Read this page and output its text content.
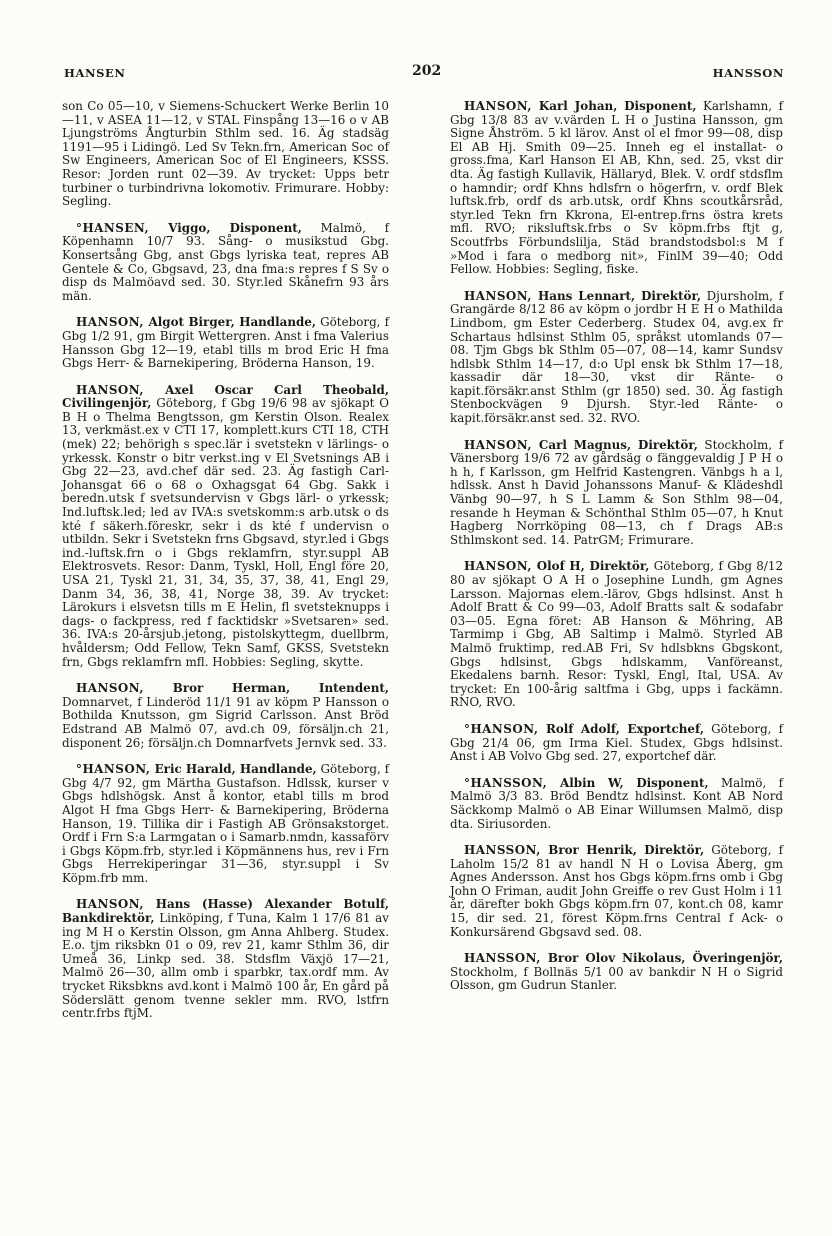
HANSEN	202	HANSSON

son Co 05—10, v Siemens-Schuckert Werke Berlin 10—11, v ASEA 11—12, v STAL Finspång 13—16 o v AB Ljungströms Ångturbin Sthlm sed. 16. Äg stadsäg 1191—95 i Lidingö. Led Sv Tekn.frn, American Soc of Sw Engineers, American Soc of El Engineers, KSSS. Resor: Jorden runt 02—39. Av trycket: Upps betr turbiner o turbindrivna lokomotiv. Frimurare. Hobby: Segling.

°HANSEN, Viggo, Disponent, Malmö, f Köpenhamn 10/7 93. Sång- o musikstud Gbg. Konsertsång Gbg, anst Gbgs lyriska teat, repres AB Gentele & Co, Gbgsavd, 23, dna fma:s repres f S Sv o disp ds Malmöavd sed. 30. Styr.led Skånefrn 93 års män.

HANSON, Algot Birger, Handlande, Göteborg, f Gbg 1/2 91, gm Birgit Wettergren. Anst i fma Valerius Hansson Gbg 12—19, etabl tills m brod Eric H fma Gbgs Herr- & Barnekipering, Bröderna Hanson, 19.

HANSON, Axel Oscar Carl Theobald, Civilingenjör, Göteborg, f Gbg 19/6 98 av sjökapt O B H o Thelma Bengtsson, gm Kerstin Olson. Realex 13, verkmäst.ex v CTI 17, komplett.kurs CTI 18, CTH (mek) 22; behörigh s spec.lär i svetstekn v lärlings- o yrkessk. Konstr o bitr verkst.ing v El Svetsnings AB i Gbg 22—23, avd.chef där sed. 23. Äg fastigh Carl-Johansgat 66 o 68 o Oxhagsgat 64 Gbg. Sakk i beredn.utsk f svetsundervisn v Gbgs lärl- o yrkessk; Ind.luftsk.led; led av IVA:s svetskomm:s arb.utsk o ds kté f säkerh.föreskr, sekr i ds kté f undervisn o utbildn. Sekr i Svetstekn frns Gbgsavd, styr.led i Gbgs ind.-luftsk.frn o i Gbgs reklamfrn, styr.suppl AB Elektrosvets. Resor: Danm, Tyskl, Holl, Engl före 20, USA 21, Tyskl 21, 31, 34, 35, 37, 38, 41, Engl 29, Danm 34, 36, 38, 41, Norge 38, 39. Av trycket: Lärokurs i elsvetsn tills m E Helin, fl svetsteknupps i dags- o fackpress, red f facktidskr »Svetsaren» sed. 36. IVA:s 20-årsjub.jetong, pistolskyttegm, duellbrm, hvåldersm; Odd Fellow, Tekn Samf, GKSS, Svetstekn frn, Gbgs reklamfrn mfl. Hobbies: Segling, skytte.

HANSON, Bror Herman, Intendent, Domnarvet, f Linderöd 11/1 91 av köpm P Hansson o Bothilda Knutsson, gm Sigrid Carlsson. Anst Bröd Edstrand AB Malmö 07, avd.ch 09, försäljn.ch 21, disponent 26; försäljn.ch Domnarfvets Jernvk sed. 33.

°HANSON, Eric Harald, Handlande, Göteborg, f Gbg 4/7 92, gm Märtha Gustafson. Hdlssk, kurser v Gbgs hdlshögsk. Anst å kontor, etabl tills m brod Algot H fma Gbgs Herr- & Barnekipering, Bröderna Hanson, 19. Tillika dir i Fastigh AB Grönsakstorget. Ordf i Frn S:a Larmgatan o i Samarb.nmdn, kassaförv i Gbgs Köpm.frb, styr.led i Köpmännens hus, rev i Frn Gbgs Herrekiperingar 31—36, styr.suppl i Sv Köpm.frb mm.

HANSON, Hans (Hasse) Alexander Botulf, Bankdirektör, Linköping, f Tuna, Kalm 1 17/6 81 av ing M H o Kerstin Olsson, gm Anna Ahlberg. Studex. E.o. tjm riksbkn 01 o 09, rev 21, kamr Sthlm 36, dir Umeå 36, Linkp sed. 38. Stdsflm Växjö 17—21, Malmö 26—30, allm omb i sparbkr, tax.ordf mm. Av trycket Riksbkns avd.kont i Malmö 100 år, En gård på Söderslätt genom tvenne sekler mm. RVO, lstfrn centr.frbs ftjM.

HANSON, Karl Johan, Disponent, Karlshamn, f Gbg 13/8 83 av v.värden L H o Justina Hansson, gm Signe Åhström. 5 kl lärov. Anst ol el fmor 99—08, disp El AB Hj. Smith 09—25. Inneh eg el installat- o gross.fma, Karl Hanson El AB, Khn, sed. 25, vkst dir dta. Äg fastigh Kullavik, Hällaryd, Blek. V. ordf stdsflm o hamndir; ordf Khns hdlsfrn o högerfrn, v. ordf Blek luftsk.frb, ordf ds arb.utsk, ordf Khns scoutkårsråd, styr.led Tekn frn Kkrona, El-entrep.frns östra krets mfl. RVO; riksluftsk.frbs o Sv köpm.frbs ftjt g, Scoutfrbs Förbundslilja, Städ brandstodsbol:s M f »Mod i fara o medborg nit», FinlM 39—40; Odd Fellow. Hobbies: Segling, fiske.

HANSON, Hans Lennart, Direktör, Djursholm, f Grangärde 8/12 86 av köpm o jordbr H E H o Mathilda Lindbom, gm Ester Cederberg. Studex 04, avg.ex fr Schartaus hdlsinst Sthlm 05, språkst utomlands 07—08. Tjm Gbgs bk Sthlm 05—07, 08—14, kamr Sundsv hdlsbk Sthlm 14—17, d:o Upl ensk bk Sthlm 17—18, kassadir där 18—30, vkst dir Ränte- o kapit.försäkr.anst Sthlm (gr 1850) sed. 30. Äg fastigh Stenbockvägen 9 Djursh. Styr.-led Ränte- o kapit.försäkr.anst sed. 32. RVO.

HANSON, Carl Magnus, Direktör, Stockholm, f Vänersborg 19/6 72 av gårdsäg o fänggevaldig J P H o h h, f Karlsson, gm Helfrid Kastengren. Vänbgs h a l, hdlssk. Anst h David Johanssons Manuf- & Klädeshdl Vänbg 90—97, h S L Lamm & Son Sthlm 98—04, resande h Heyman & Schönthal Sthlm 05—07, h Knut Hagberg Norrköping 08—13, ch f Drags AB:s Sthlmskont sed. 14. PatrGM; Frimurare.

HANSON, Olof H, Direktör, Göteborg, f Gbg 8/12 80 av sjökapt O A H o Josephine Lundh, gm Agnes Larsson. Majornas elem.-lärov, Gbgs hdlsinst. Anst h Adolf Bratt & Co 99—03, Adolf Bratts salt & sodafabr 03—05. Egna föret: AB Hanson & Möhring, AB Tarmimp i Gbg, AB Saltimp i Malmö. Styrled AB Malmö fruktimp, red.AB Fri, Sv hdlsbkns Gbgskont, Gbgs hdlsinst, Gbgs hdlskamm, Vanföreanst, Ekedalens barnh. Resor: Tyskl, Engl, Ital, USA. Av trycket: En 100-årig saltfma i Gbg, upps i fackämn. RNO, RVO.

°HANSON, Rolf Adolf, Exportchef, Göteborg, f Gbg 21/4 06, gm Irma Kiel. Studex, Gbgs hdlsinst. Anst i AB Volvo Gbg sed. 27, exportchef där.

°HANSSON, Albin W, Disponent, Malmö, f Malmö 3/3 83. Bröd Bendtz hdlsinst. Kont AB Nord Säckkomp Malmö o AB Einar Willumsen Malmö, disp dta. Siriusorden.

HANSSON, Bror Henrik, Direktör, Göteborg, f Laholm 15/2 81 av handl N H o Lovisa Åberg, gm Agnes Andersson. Anst hos Gbgs köpm.frns omb i Gbg John O Friman, audit John Greiffe o rev Gust Holm i 11 år, därefter bokh Gbgs köpm.frn 07, kont.ch 08, kamr 15, dir sed. 21, förest Köpm.frns Central f Ack- o Konkursärend Gbgsavd sed. 08.

HANSSON, Bror Olov Nikolaus, Överingenjör, Stockholm, f Bollnäs 5/1 00 av bankdir N H o Sigrid Olsson, gm Gudrun Stanler.
